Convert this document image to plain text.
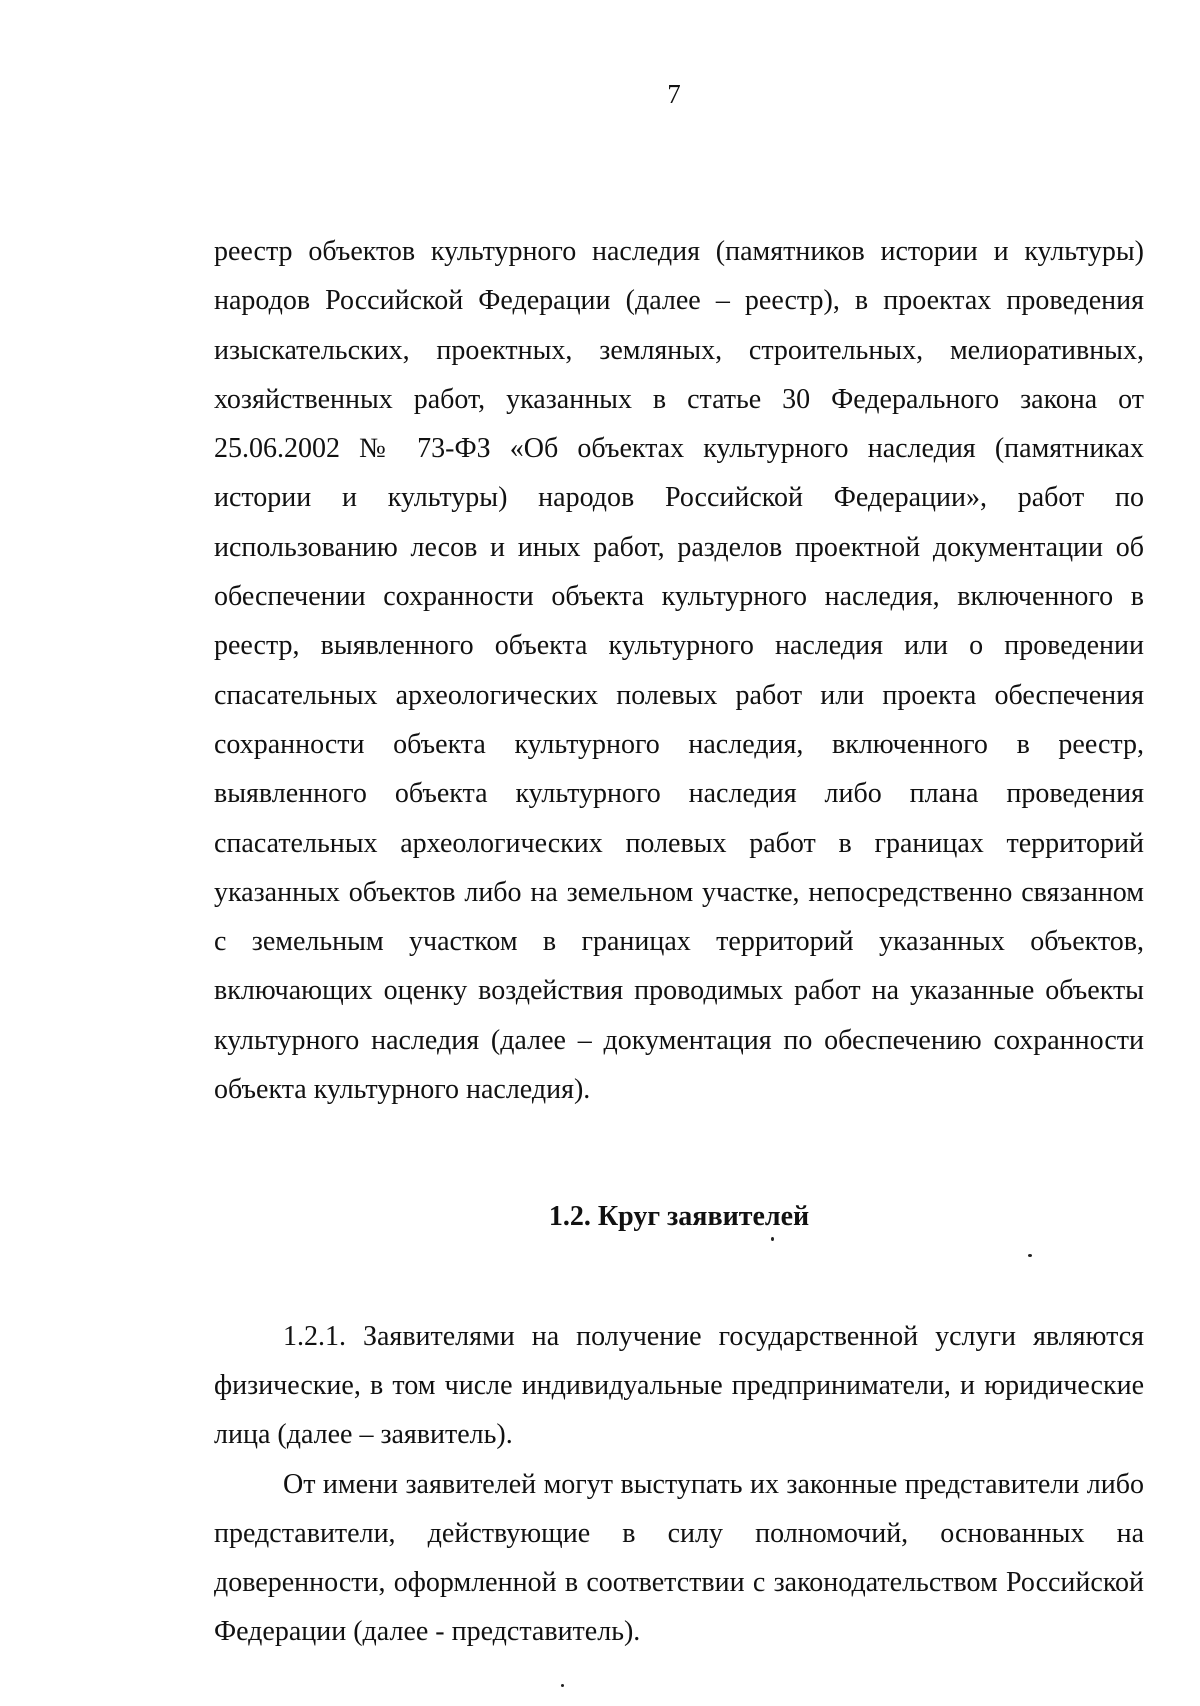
7

реестр объектов культурного наследия (памятников истории и культуры) народов Российской Федерации (далее – реестр), в проектах проведения изыскательских, проектных, земляных, строительных, мелиоративных, хозяйственных работ, указанных в статье 30 Федерального закона от 25.06.2002 № 73-ФЗ «Об объектах культурного наследия (памятниках истории и культуры) народов Российской Федерации», работ по использованию лесов и иных работ, разделов проектной документации об обеспечении сохранности объекта культурного наследия, включенного в реестр, выявленного объекта культурного наследия или о проведении спасательных археологических полевых работ или проекта обеспечения сохранности объекта культурного наследия, включенного в реестр, выявленного объекта культурного наследия либо плана проведения спасательных археологических полевых работ в границах территорий указанных объектов либо на земельном участке, непосредственно связанном с земельным участком в границах территорий указанных объектов, включающих оценку воздействия проводимых работ на указанные объекты культурного наследия (далее – документация по обеспечению сохранности объекта культурного наследия).

1.2. Круг заявителей

1.2.1. Заявителями на получение государственной услуги являются физические, в том числе индивидуальные предприниматели, и юридические лица (далее – заявитель).

От имени заявителей могут выступать их законные представители либо представители, действующие в силу полномочий, основанных на доверенности, оформленной в соответствии с законодательством Российской Федерации (далее - представитель).
